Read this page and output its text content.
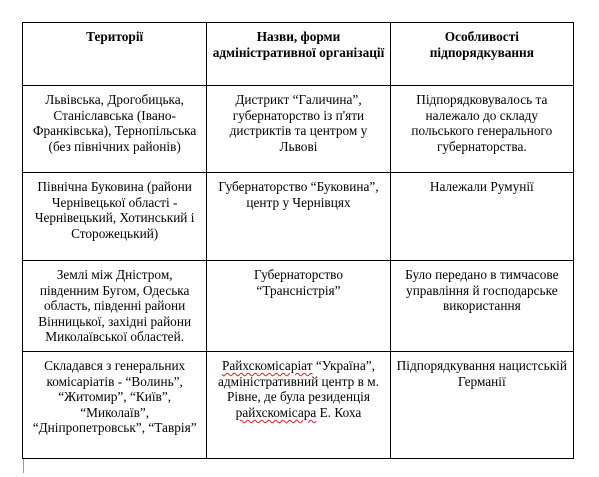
Території	Назви, форми адміністративної організації	Особливості підпорядкування
Львівська, Дрогобицька, Станіславська (Івано-Франківська), Тернопільська (без північних районів)	Дистрикт “Галичина”, губернаторство із п'яти дистриктів та центром у Львові	Підпорядковувалось та належало до складу польського генерального губернаторства.
Північна Буковина (райони Чернівецької області - Чернівецький, Хотинський і Сторожецький)	Губернаторство “Буковина”, центр у Чернівцях	Належали Румунії
Землі між Дністром, південним Бугом, Одеська область, південні райони Вінницької, західні райони Миколаївської областей.	Губернаторство “Трансністрія”	Було передано в тимчасове управління й господарське використання
Складався з генеральних комісаріатів - “Волинь”, “Житомир”, “Київ”, “Миколаїв”, “Дніпропетровськ”, “Таврія”	Райхскомісаріат “Україна”, адміністративний центр в м. Рівне, де була резиденція райхскомісара Е. Коха	Підпорядкування нацистській Германії
